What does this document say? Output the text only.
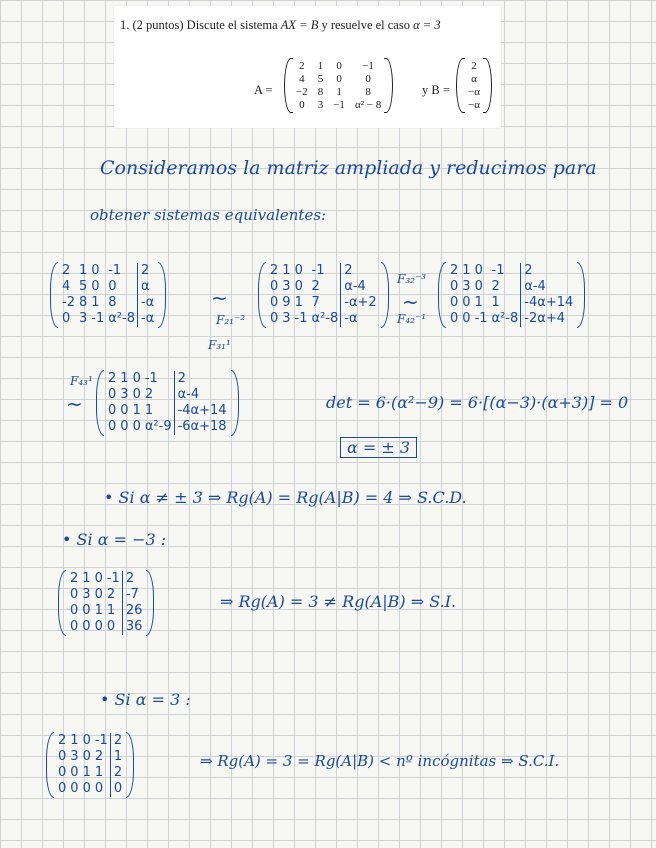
1. (2 puntos) Discute el sistema AX = B y resuelve el caso α = 3
A =
2 1 0	−1
4 5 0	0
−2 8 1	8
0 3 −1 α² − 8
y B =
2
α
−α
−α
Consideramos la matriz ampliada y reducimos para
obtener sistemas equivalentes:
2 1 0 -1	2
4 5 0 0	α
-2 8 1 8	-α
0 3 -1 α²-8 -α
~
F₂₁⁻²
F₃₁¹
2 1 0 -1	2
0 3 0 2	α-4
0 9 1 7	-α+2
0 3 -1 α²-8 -α
F₃₂⁻³
~
F₄₂⁻¹
2 1 0 -1	2
0 3 0 2	α-4
0 0 1 1	-4α+14
0 0 -1 α²-8 -2α+4
F₄₃¹
~
2 1 0 -1	2
0 3 0 2	α-4
0 0 1 1	-4α+14
0 0 0 α²-9 -6α+18
det = 6·(α²−9) = 6·[(α−3)·(α+3)] = 0
α = ± 3
• Si α ≠ ± 3 ⇒ Rg(A) = Rg(A|B) = 4 ⇒ S.C.D.
• Si α = −3 :
2 1 0 -1 2
0 3 0 2 -7
0 0 1 1 26
0 0 0 0 36
⇒ Rg(A) = 3 ≠ Rg(A|B) ⇒ S.I.
• Si α = 3 :
2 1 0 -1 2
0 3 0 2 1
0 0 1 1 2
0 0 0 0 0
⇒ Rg(A) = 3 = Rg(A|B) < nº incógnitas ⇒ S.C.I.
